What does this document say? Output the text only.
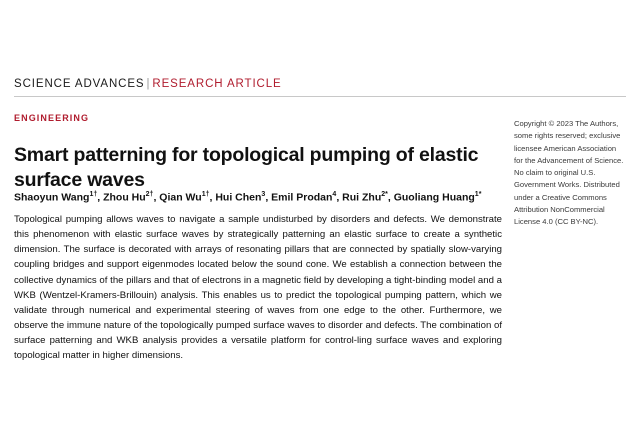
SCIENCE ADVANCES | RESEARCH ARTICLE
ENGINEERING
Smart patterning for topological pumping of elastic surface waves
Shaoyun Wang$^{1\dagger}$, Zhou $Hu^{2\dagger}$, Qian $Wu^{1\dagger}$, Hui Chen$^3$, Emil Prodan$^4$, Rui Zhu$^{2*}$, Guoliang Huang$^{1*}$
Topological pumping allows waves to navigate a sample undisturbed by disorders and defects. We demonstrate this phenomenon with elastic surface waves by strategically patterning an elastic surface to create a synthetic dimension. The surface is decorated with arrays of resonating pillars that are connected by spatially slow-varying coupling bridges and support eigenmodes located below the sound cone. We establish a connection between the collective dynamics of the pillars and that of electrons in a magnetic field by developing a tight-binding model and a WKB (Wentzel-Kramers-Brillouin) analysis. This enables us to predict the topological pumping pattern, which we validate through numerical and experimental steering of waves from one edge to the other. Furthermore, we observe the immune nature of the topologically pumped surface waves to disorder and defects. The combination of surface patterning and WKB analysis provides a versatile platform for control-ling surface waves and exploring topological matter in higher dimensions.
Copyright © 2023 The Authors, some rights reserved; exclusive licensee American Association for the Advancement of Science. No claim to original U.S. Government Works. Distributed under a Creative Commons Attribution NonCommercial License 4.0 (CC BY-NC).
